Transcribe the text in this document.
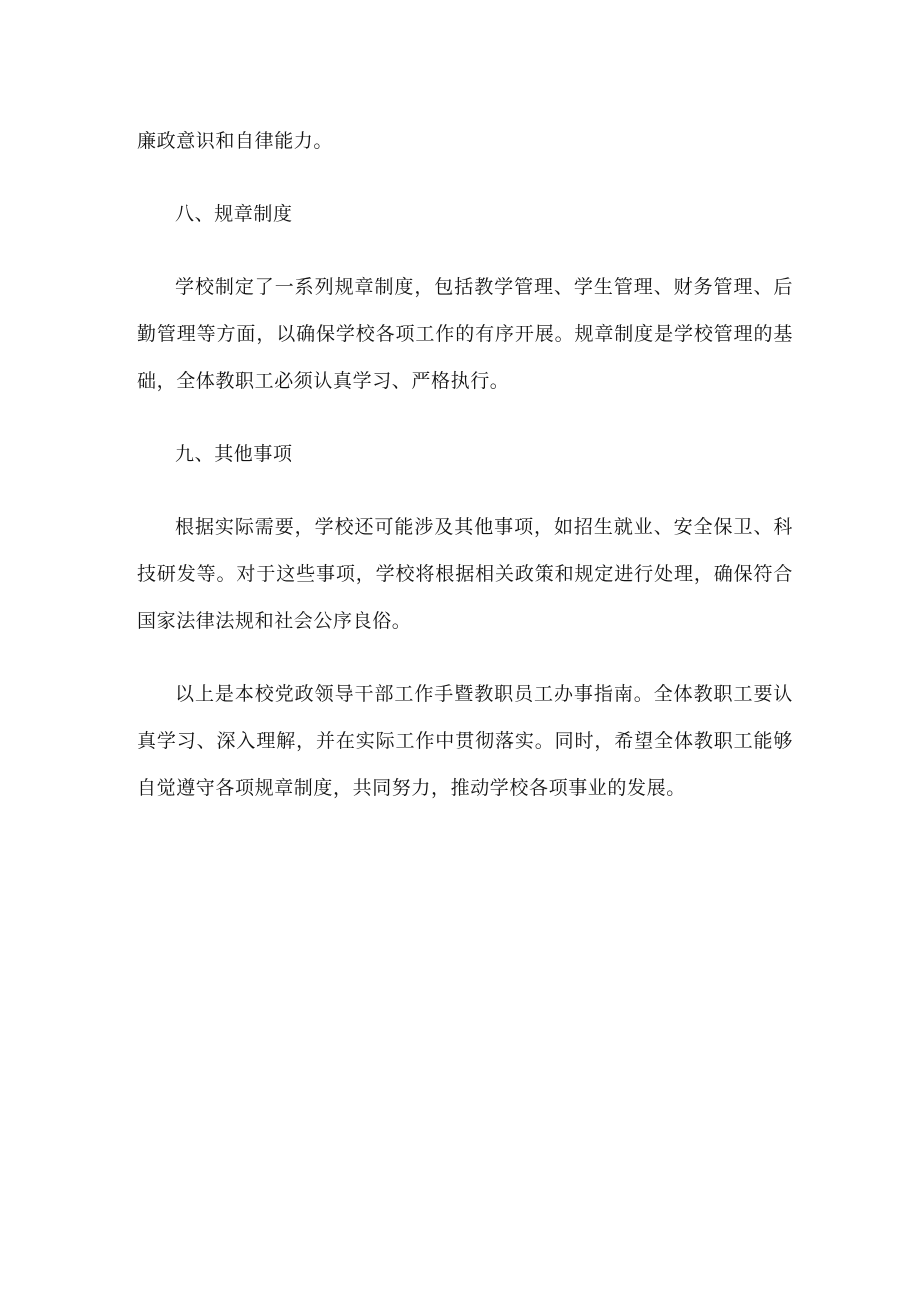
廉政意识和自律能力。

八、规章制度

学校制定了一系列规章制度，包括教学管理、学生管理、财务管理、后勤管理等方面，以确保学校各项工作的有序开展。规章制度是学校管理的基础，全体教职工必须认真学习、严格执行。

九、其他事项

根据实际需要，学校还可能涉及其他事项，如招生就业、安全保卫、科技研发等。对于这些事项，学校将根据相关政策和规定进行处理，确保符合国家法律法规和社会公序良俗。

以上是本校党政领导干部工作手暨教职员工办事指南。全体教职工要认真学习、深入理解，并在实际工作中贯彻落实。同时，希望全体教职工能够自觉遵守各项规章制度，共同努力，推动学校各项事业的发展。
